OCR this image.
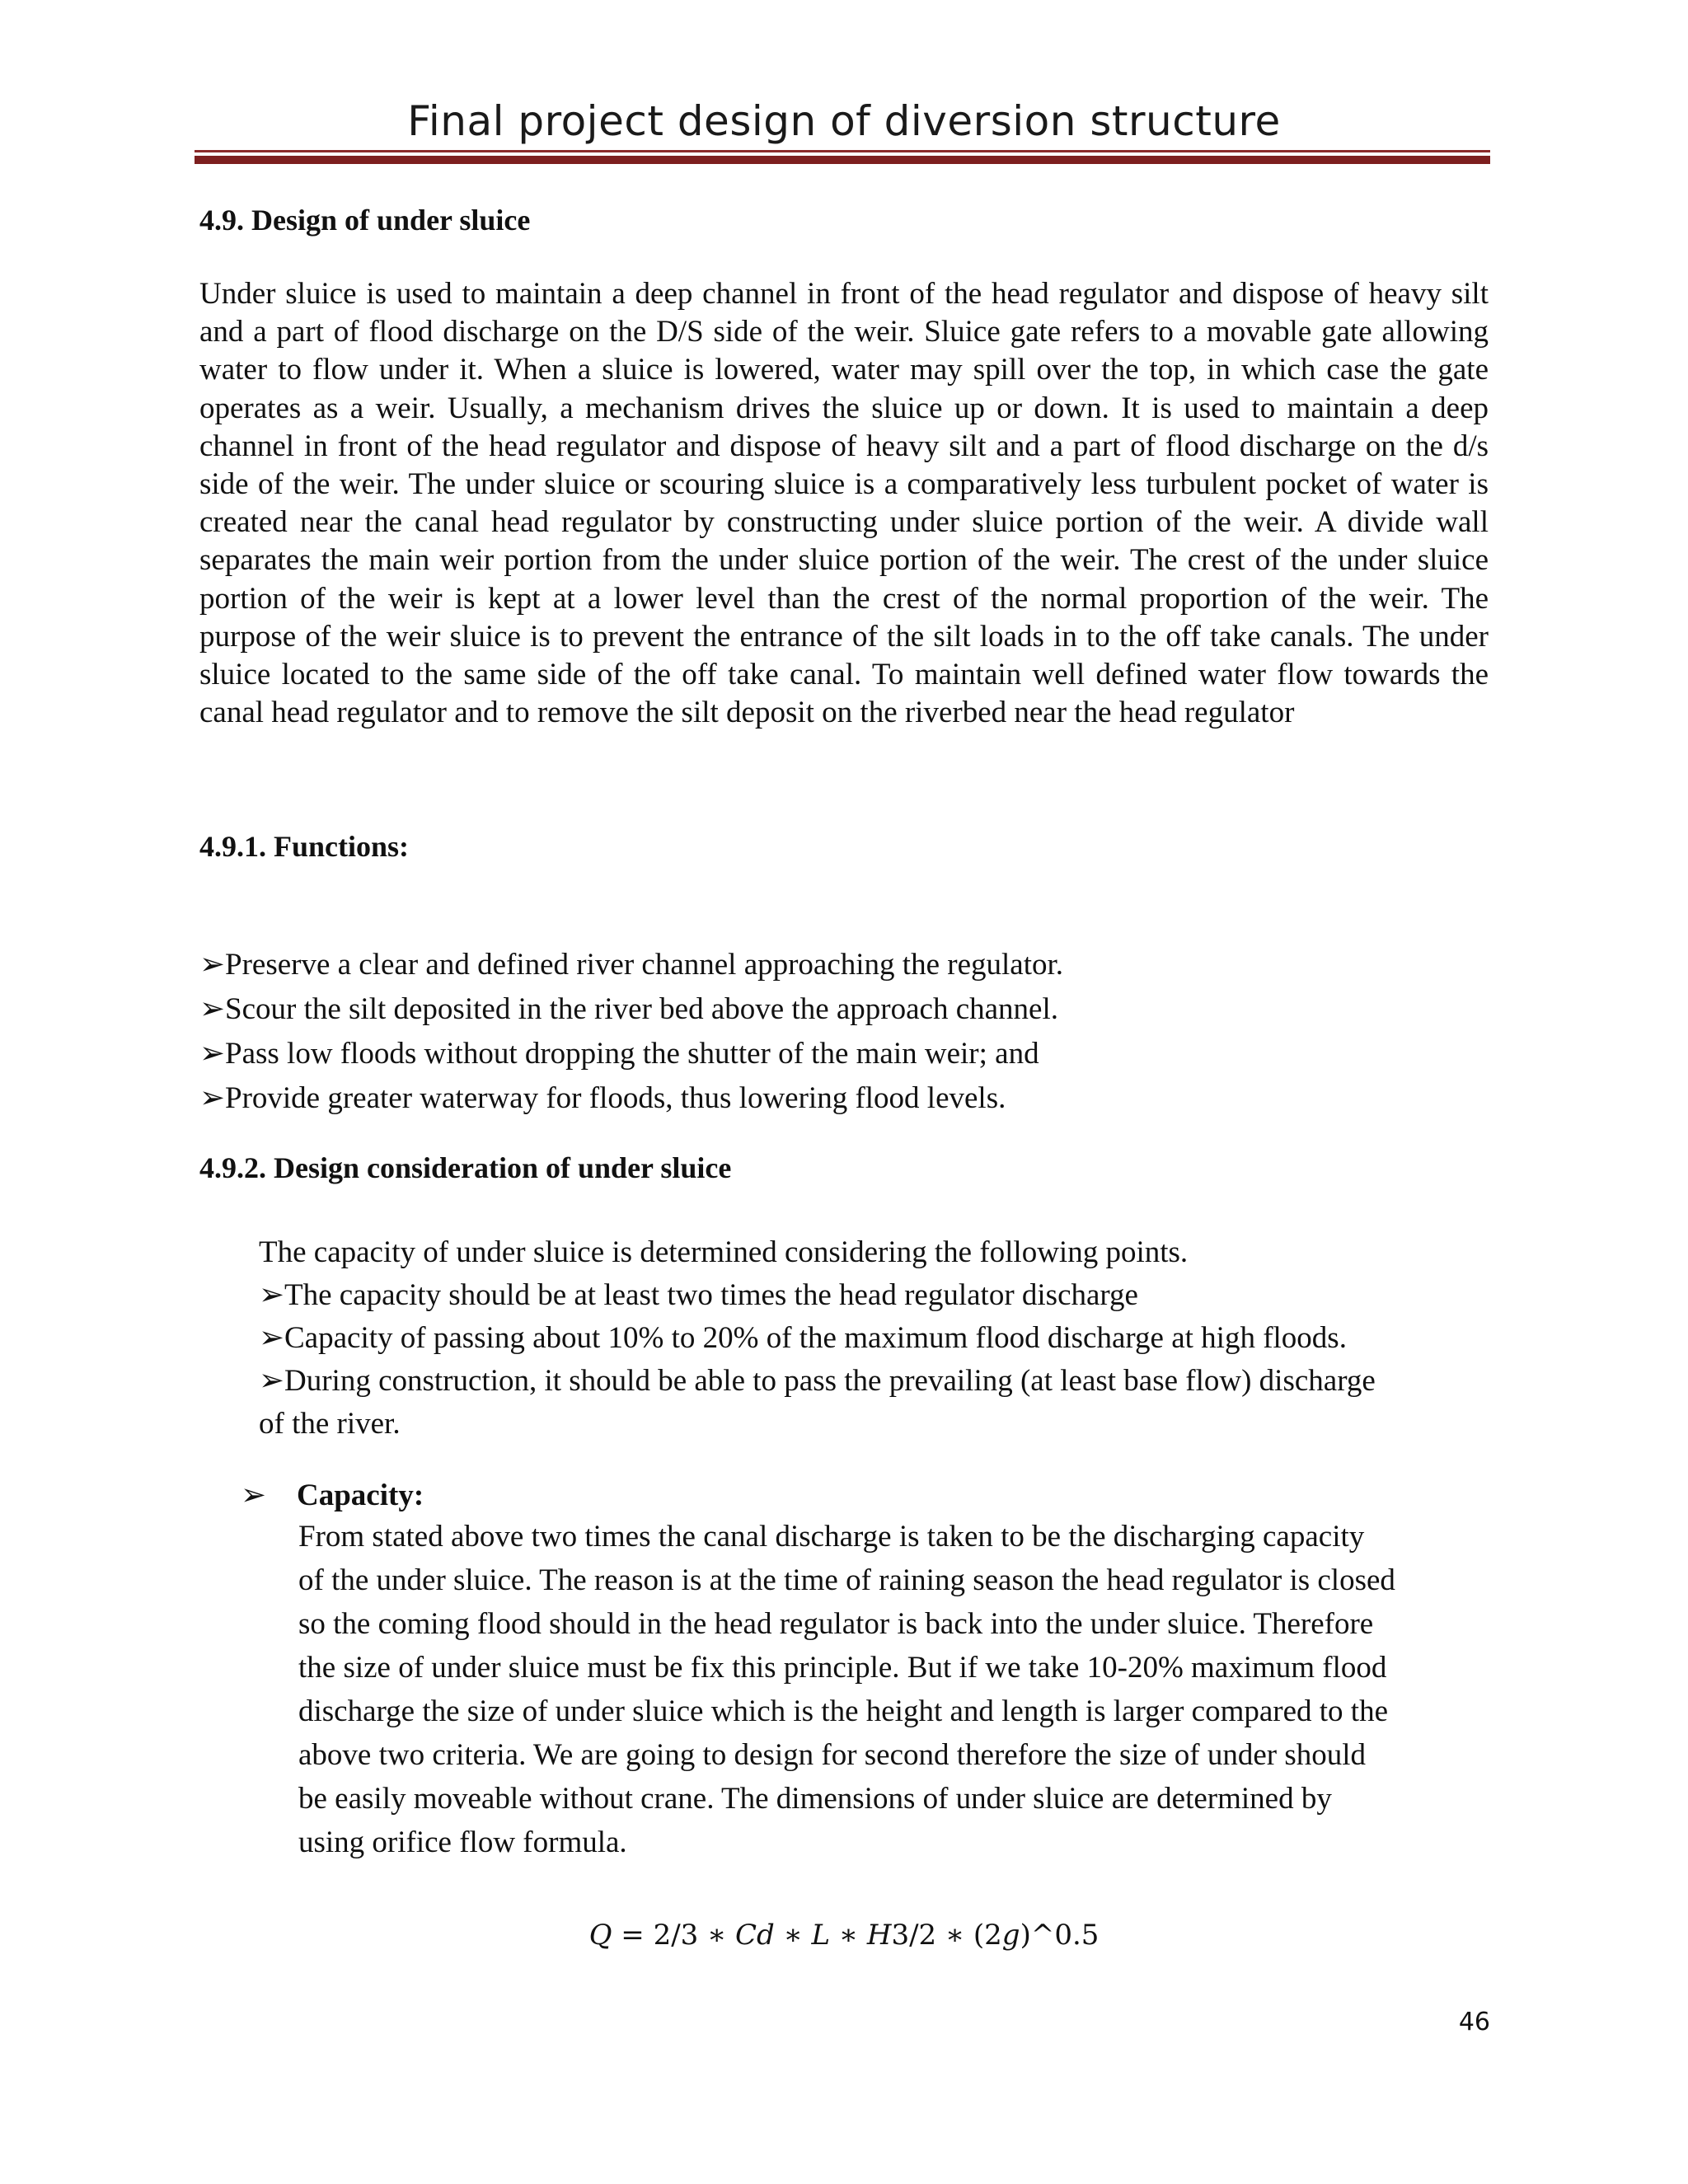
Final project design of diversion structure
4.9. Design of under sluice
Under sluice is used to maintain a deep channel in front of the head regulator and dispose of heavy silt and a part of flood discharge on the D/S side of the weir. Sluice gate refers to a movable gate allowing water to flow under it. When a sluice is lowered, water may spill over the top, in which case the gate operates as a weir. Usually, a mechanism drives the sluice up or down. It is used to maintain a deep channel in front of the head regulator and dispose of heavy silt and a part of flood discharge on the d/s side of the weir. The under sluice or scouring sluice is a comparatively less turbulent pocket of water is created near the canal head regulator by constructing under sluice portion of the weir. A divide wall separates the main weir portion from the under sluice portion of the weir. The crest of the under sluice portion of the weir is kept at a lower level than the crest of the normal proportion of the weir. The purpose of the weir sluice is to prevent the entrance of the silt loads in to the off take canals. The under sluice located to the same side of the off take canal. To maintain well defined water flow towards the canal head regulator and to remove the silt deposit on the riverbed near the head regulator
4.9.1. Functions:
➢Preserve a clear and defined river channel approaching the regulator.
➢Scour the silt deposited in the river bed above the approach channel.
➢Pass low floods without dropping the shutter of the main weir; and
➢Provide greater waterway for floods, thus lowering flood levels.
4.9.2. Design consideration of under sluice
The capacity of under sluice is determined considering the following points.
➢The capacity should be at least two times the head regulator discharge
➢Capacity of passing about 10% to 20% of the maximum flood discharge at high floods.
➢During construction, it should be able to pass the prevailing (at least base flow) discharge
of the river.
➢ Capacity:
From stated above two times the canal discharge is taken to be the discharging capacity
of the under sluice. The reason is at the time of raining season the head regulator is closed
so the coming flood should in the head regulator is back into the under sluice. Therefore
the size of under sluice must be fix this principle. But if we take 10-20% maximum flood
discharge the size of under sluice which is the height and length is larger compared to the
above two criteria. We are going to design for second therefore the size of under should
be easily moveable without crane. The dimensions of under sluice are determined by
using orifice flow formula.
𝑄 = 2/3 ∗ 𝐶𝑑 ∗ 𝐿 ∗ 𝐻3/2 ∗ (2𝑔)^0.5
46
